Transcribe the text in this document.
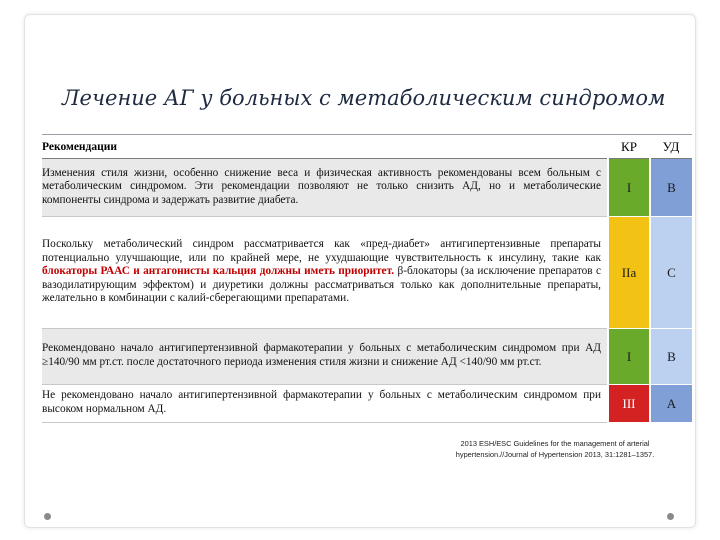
Лечение АГ у больных с метаболическим синдромом
Рекомендации	КР	УД
Изменения стиля жизни, особенно снижение веса и физическая активность рекомендованы всем больным с метаболическим синдромом. Эти рекомендации позволяют не только снизить АД, но и метаболические компоненты синдрома и задержать развитие диабета.	I	B
Поскольку метаболический синдром рассматривается как «пред-диабет» антигипертензивные препараты потенциально улучшающие, или по крайней мере, не ухудшающие чувствительность к инсулину, такие как блокаторы РААС и антагонисты кальция должны иметь приоритет. β-блокаторы (за исключение препаратов с вазодилатирующим эффектом) и диуретики должны рассматриваться только как дополнительные препараты, желательно в комбинации с калий-сберегающими препаратами.	IIa	C
Рекомендовано начало антигипертензивной фармакотерапии у больных с метаболическим синдромом при АД ≥140/90 мм рт.ст. после достаточного периода изменения стиля жизни и снижение АД <140/90 мм рт.ст.	I	B
Не рекомендовано начало антигипертензивной фармакотерапии у больных с метаболическим синдромом при высоком нормальном АД.	III	A
2013 ESH/ESC Guidelines for the management of arterial
hypertension.//Journal of Hypertension 2013, 31:1281–1357.
